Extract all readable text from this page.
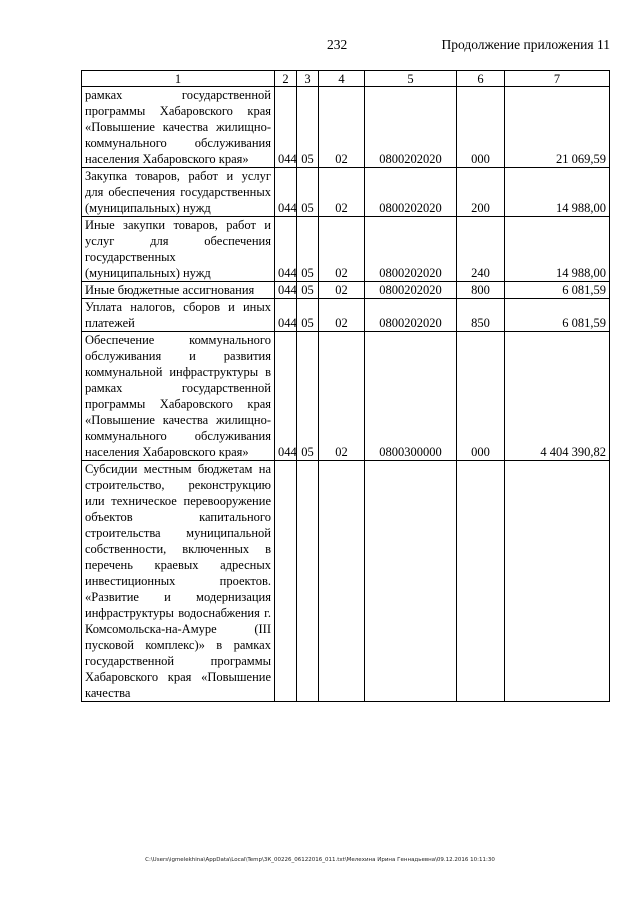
232	Продолжение приложения 11
1	2	3	4	5	6	7
рамках государственной программы Хабаровского края «Повышение качества жилищно-коммунального обслуживания населения Хабаровского края»	044	05	02	0800202020	000	21 069,59
Закупка товаров, работ и услуг для обеспечения государственных (муниципальных) нужд	044	05	02	0800202020	200	14 988,00
Иные закупки товаров, работ и услуг для обеспечения государственных (муниципальных) нужд	044	05	02	0800202020	240	14 988,00
Иные бюджетные ассигнования	044	05	02	0800202020	800	6 081,59
Уплата налогов, сборов и иных платежей	044	05	02	0800202020	850	6 081,59
Обеспечение коммунального обслуживания и развития коммунальной инфраструктуры в рамках государственной программы Хабаровского края «Повышение качества жилищно-коммунального обслуживания населения Хабаровского края»	044	05	02	0800300000	000	4 404 390,82
Субсидии местным бюджетам на строительство, реконструкцию или техническое перевооружение объектов капитального строительства муниципальной собственности, включенных в перечень краевых адресных инвестиционных проектов. «Развитие и модернизация инфраструктуры водоснабжения г. Комсомольска-на-Амуре (III пусковой комплекс)» в рамках государственной программы Хабаровского края «Повышение качества						
C:\Users\igmelekhina\AppData\Local\Temp\3К_00226_06122016_011.txt\Мелехина Ирина Геннадьевна\09.12.2016 10:11:30
